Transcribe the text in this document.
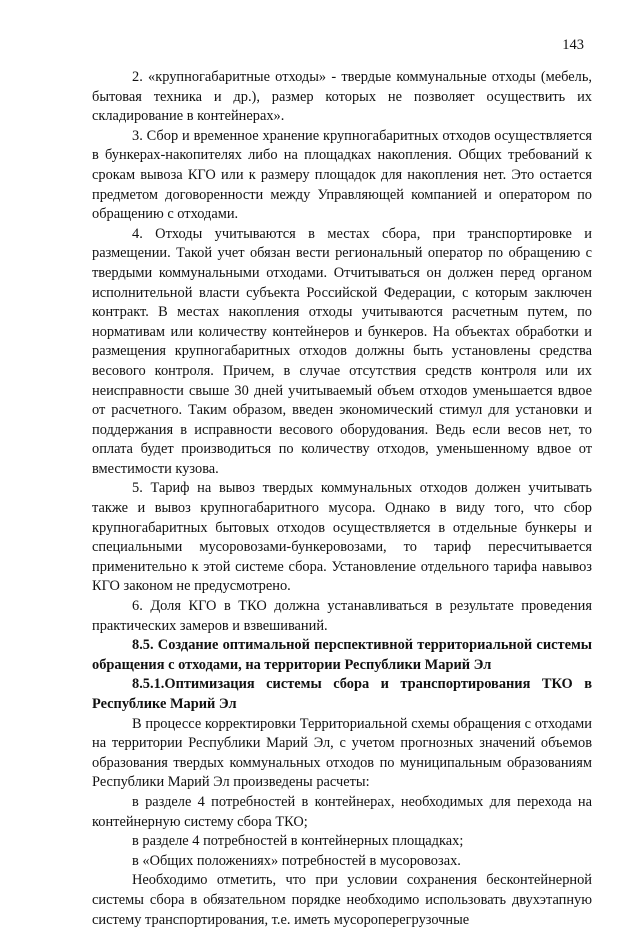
143

2. «крупногабаритные отходы» - твердые коммунальные отходы (мебель, бытовая техника и др.), размер которых не позволяет осуществить их складирование в контейнерах».

3. Сбор и временное хранение крупногабаритных отходов осуществляется в бункерах-накопителях либо на площадках накопления. Общих требований к срокам вывоза КГО или к размеру площадок для накопления нет. Это остается предметом договоренности между Управляющей компанией и оператором по обращению с отходами.

4. Отходы учитываются в местах сбора, при транспортировке и размещении. Такой учет обязан вести региональный оператор по обращению с твердыми коммунальными отходами. Отчитываться он должен перед органом исполнительной власти субъекта Российской Федерации, с которым заключен контракт. В местах накопления отходы учитываются расчетным путем, по нормативам или количеству контейнеров и бункеров. На объектах обработки и размещения крупногабаритных отходов должны быть установлены средства весового контроля. Причем, в случае отсутствия средств контроля или их неисправности свыше 30 дней учитываемый объем отходов уменьшается вдвое от расчетного. Таким образом, введен экономический стимул для установки и поддержания в исправности весового оборудования. Ведь если весов нет, то оплата будет производиться по количеству отходов, уменьшенному вдвое от вместимости кузова.

5. Тариф на вывоз твердых коммунальных отходов должен учитывать также и вывоз крупногабаритного мусора. Однако в виду того, что сбор крупногабаритных бытовых отходов осуществляется в отдельные бункеры и специальными мусоровозами-бункеровозами, то тариф пересчитывается применительно к этой системе сбора. Установление отдельного тарифа навывоз КГО законом не предусмотрено.

6. Доля КГО в ТКО должна устанавливаться в результате проведения практических замеров и взвешиваний.

8.5. Создание оптимальной перспективной территориальной системы обращения с отходами, на территории Республики Марий Эл

8.5.1.Оптимизация системы сбора и транспортирования ТКО в Республике Марий Эл

В процессе корректировки Территориальной схемы обращения с отходами на территории Республики Марий Эл, с учетом прогнозных значений объемов образования твердых коммунальных отходов по муниципальным образованиям Республики Марий Эл произведены расчеты:

в разделе 4 потребностей в контейнерах, необходимых для перехода на контейнерную систему сбора ТКО;

в разделе 4 потребностей в контейнерных площадках;

в «Общих положениях» потребностей в мусоровозах.

Необходимо отметить, что при условии сохранения бесконтейнерной системы сбора в обязательном порядке необходимо использовать двухэтапную систему транспортирования, т.е. иметь мусороперегрузочные
